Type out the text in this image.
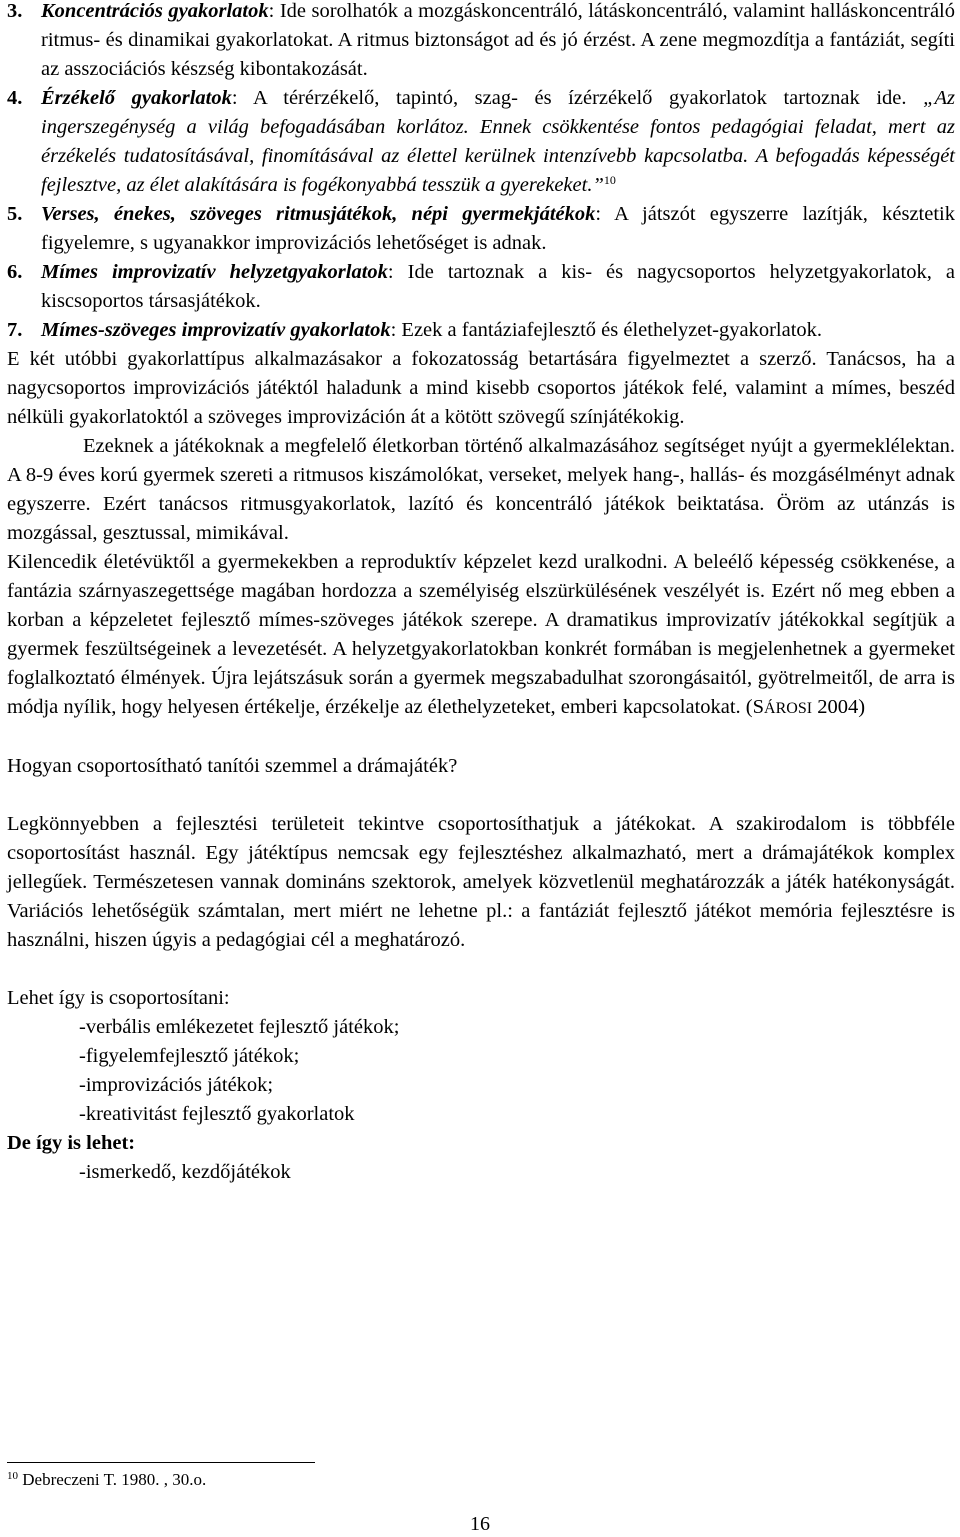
3. Koncentrációs gyakorlatok: Ide sorolhatók a mozgáskoncentráló, látáskoncentráló, valamint halláskoncentráló ritmus- és dinamikai gyakorlatokat. A ritmus biztonságot ad és jó érzést. A zene megmozdítja a fantáziát, segíti az asszociációs készség kibontakozását.
4. Érzékelő gyakorlatok: A térérzékelő, tapintó, szag- és ízérzékelő gyakorlatok tartoznak ide. „Az ingerszegénység a világ befogadásában korlátoz. Ennek csökkentése fontos pedagógiai feladat, mert az érzékelés tudatosításával, finomításával az élettel kerülnek intenzívebb kapcsolatba. A befogadás képességét fejlesztve, az élet alakítására is fogékonyabbá tesszük a gyerekeket.”$^{10}$
5. Verses, énekes, szöveges ritmusjátékok, népi gyermekjátékok: A játszót egyszerre lazítják, késztetik figyelemre, s ugyanakkor improvizációs lehetőséget is adnak.
6. Mímes improvizatív helyzetgyakorlatok: Ide tartoznak a kis- és nagycsoportos helyzetgyakorlatok, a kiscsoportos társasjátékok.
7. Mímes-szöveges improvizatív gyakorlatok: Ezek a fantáziafejlesztő és élethelyzet-gyakorlatok.

E két utóbbi gyakorlattípus alkalmazásakor a fokozatosság betartására figyelmeztet a szerző. Tanácsos, ha a nagycsoportos improvizációs játéktól haladunk a mind kisebb csoportos játékok felé, valamint a mímes, beszéd nélküli gyakorlatoktól a szöveges improvizáción át a kötött szövegű színjátékokig.

Ezeknek a játékoknak a megfelelő életkorban történő alkalmazásához segítséget nyújt a gyermeklélektan. A 8-9 éves korú gyermek szereti a ritmusos kiszámolókat, verseket, melyek hang-, hallás- és mozgásélményt adnak egyszerre. Ezért tanácsos ritmusgyakorlatok, lazító és koncentráló játékok beiktatása. Öröm az utánzás is mozgással, gesztussal, mimikával.

Kilencedik életévüktől a gyermekekben a reproduktív képzelet kezd uralkodni. A beleélő képesség csökkenése, a fantázia szárnyaszegettsége magában hordozza a személyiség elszürkülésének veszélyét is. Ezért nő meg ebben a korban a képzeletet fejlesztő mímes-szöveges játékok szerepe. A dramatikus improvizatív játékokkal segítjük a gyermek feszültségeinek a levezetését. A helyzetgyakorlatokban konkrét formában is megjelenhetnek a gyermeket foglalkoztató élmények. Újra lejátszásuk során a gyermek megszabadulhat szorongásaitól, gyötrelmeitől, de arra is módja nyílik, hogy helyesen értékelje, érzékelje az élethelyzeteket, emberi kapcsolatokat. (SÁROSI 2004)

Hogyan csoportosítható tanítói szemmel a drámajáték?

Legkönnyebben a fejlesztési területeit tekintve csoportosíthatjuk a játékokat. A szakirodalom is többféle csoportosítást használ. Egy játéktípus nemcsak egy fejlesztéshez alkalmazható, mert a drámajátékok komplex jellegűek. Természetesen vannak domináns szektorok, amelyek közvetlenül meghatározzák a játék hatékonyságát. Variációs lehetőségük számtalan, mert miért ne lehetne pl.: a fantáziát fejlesztő játékot memória fejlesztésre is használni, hiszen úgyis a pedagógiai cél a meghatározó.

Lehet így is csoportosítani:

-verbális emlékezetet fejlesztő játékok;

-figyelemfejlesztő játékok;

-improvizációs játékok;

-kreativitást fejlesztő gyakorlatok

De így is lehet:

-ismerkedő, kezdőjátékok

$^{10}$ Debreczeni T. 1980. , 30.o.
16
